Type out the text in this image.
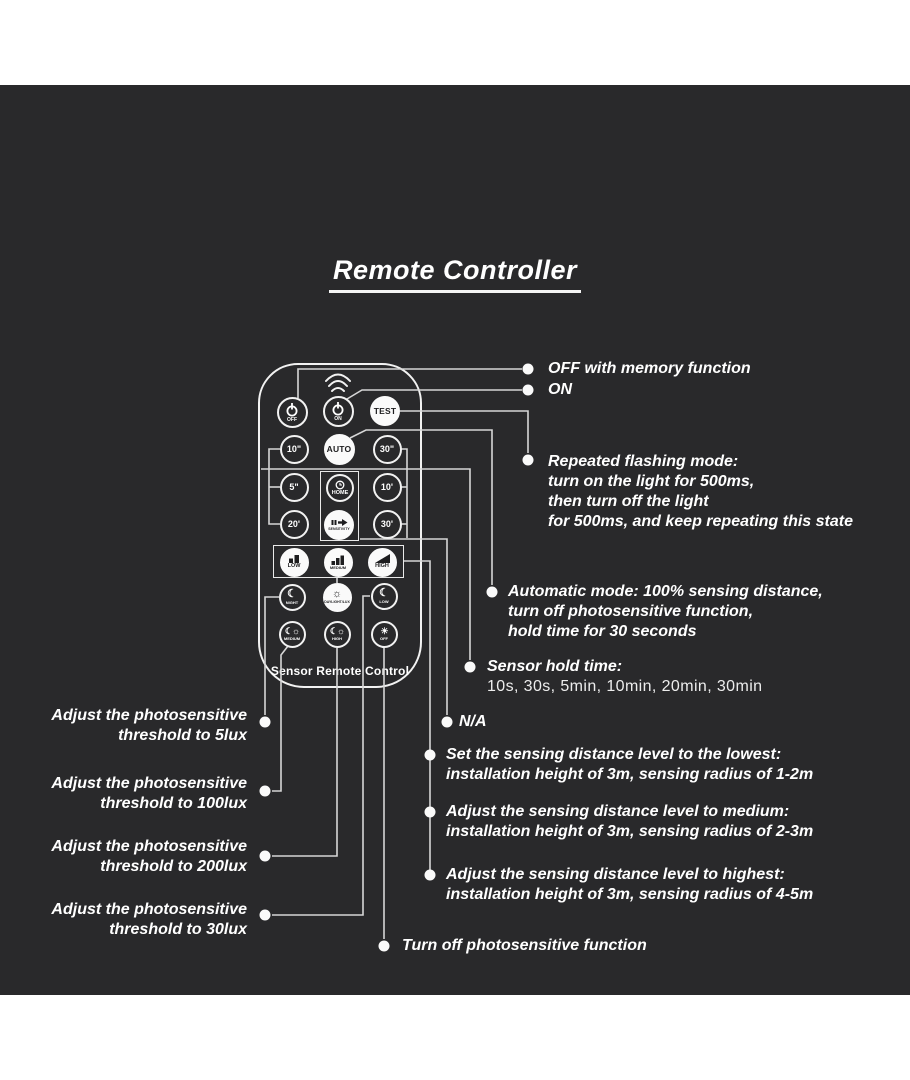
Remote Controller
Sensor Remote Control
OFF	ON
TEST
10"	AUTO	30"
5"
HOME
10'
20'
SENSITIVITY
30'
LOW	MEDIUM	HIGH
☾
NIGHT
☼
DAYLIGHT/LUX
☾
LOW
☾☼
MEDIUM
☾☼
HIGH
☀
OFF
OFF with memory function
ON
Repeated flashing mode:
turn on the light for 500ms,
then turn off the light
for 500ms, and keep repeating this state
Automatic mode: 100% sensing distance,
turn off photosensitive function,
hold time for 30 seconds
Sensor hold time:
10s, 30s, 5min, 10min, 20min, 30min
N/A
Set the sensing distance level to the lowest:
installation height of 3m, sensing radius of 1-2m
Adjust the sensing distance level to medium:
installation height of 3m, sensing radius of 2-3m
Adjust the sensing distance level to highest:
installation height of 3m, sensing radius of 4-5m
Turn off photosensitive function
Adjust the photosensitive
threshold to 5lux
Adjust the photosensitive
threshold to 100lux
Adjust the photosensitive
threshold to 200lux
Adjust the photosensitive
threshold to 30lux
